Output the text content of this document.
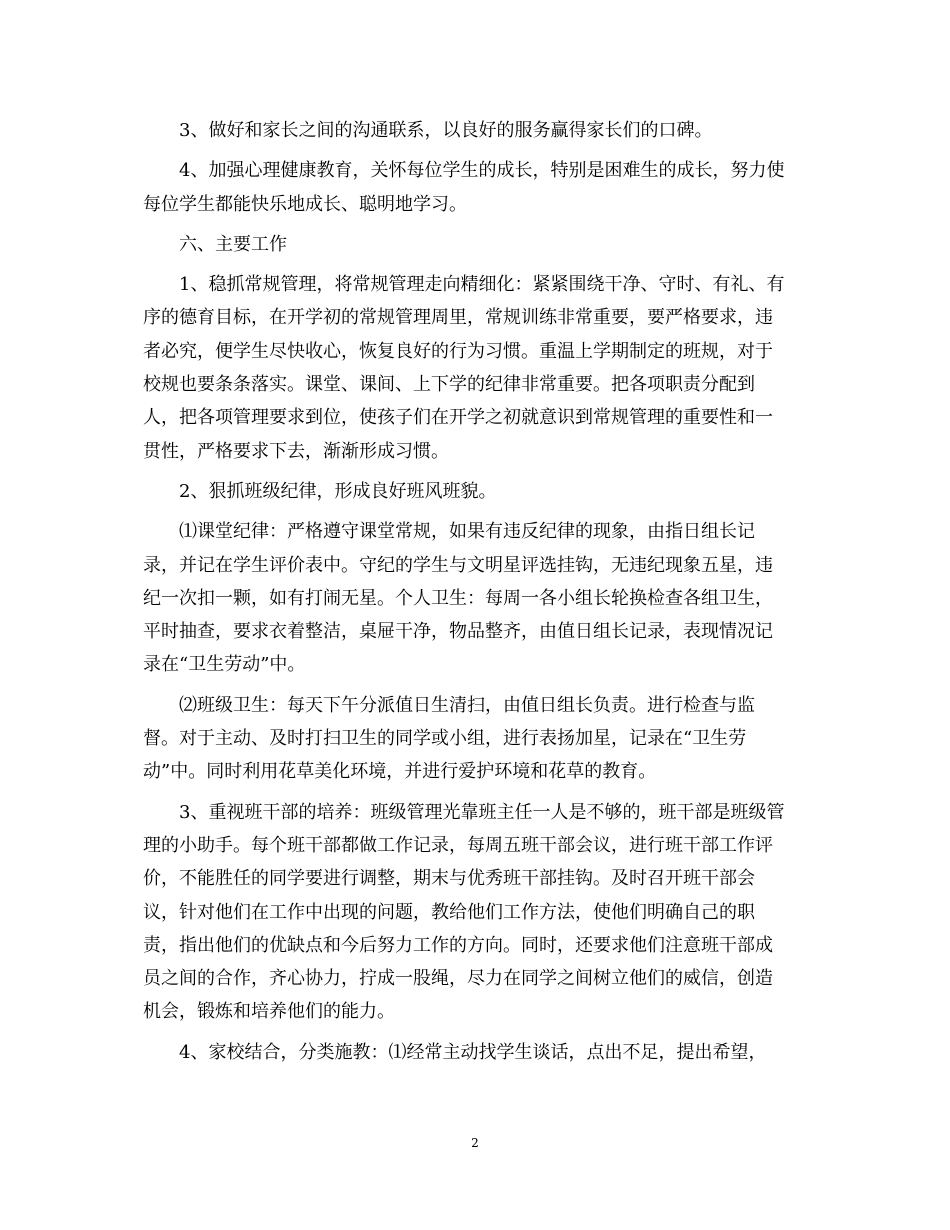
3、做好和家长之间的沟通联系，以良好的服务赢得家长们的口碑。

4、加强心理健康教育，关怀每位学生的成长，特别是困难生的成长，努力使
每位学生都能快乐地成长、聪明地学习。

六、主要工作

1、稳抓常规管理，将常规管理走向精细化：紧紧围绕干净、守时、有礼、有
序的德育目标，在开学初的常规管理周里，常规训练非常重要，要严格要求，违
者必究，便学生尽快收心，恢复良好的行为习惯。重温上学期制定的班规，对于
校规也要条条落实。课堂、课间、上下学的纪律非常重要。把各项职责分配到
人，把各项管理要求到位，使孩子们在开学之初就意识到常规管理的重要性和一
贯性，严格要求下去，渐渐形成习惯。

2、狠抓班级纪律，形成良好班风班貌。

⑴课堂纪律：严格遵守课堂常规，如果有违反纪律的现象，由指日组长记
录，并记在学生评价表中。守纪的学生与文明星评选挂钩，无违纪现象五星，违
纪一次扣一颗，如有打闹无星。个人卫生：每周一各小组长轮换检查各组卫生，
平时抽查，要求衣着整洁，桌屉干净，物品整齐，由值日组长记录，表现情况记
录在“卫生劳动”中。

⑵班级卫生：每天下午分派值日生清扫，由值日组长负责。进行检查与监
督。对于主动、及时打扫卫生的同学或小组，进行表扬加星，记录在“卫生劳
动”中。同时利用花草美化环境，并进行爱护环境和花草的教育。

3、重视班干部的培养：班级管理光靠班主任一人是不够的，班干部是班级管
理的小助手。每个班干部都做工作记录，每周五班干部会议，进行班干部工作评
价，不能胜任的同学要进行调整，期末与优秀班干部挂钩。及时召开班干部会
议，针对他们在工作中出现的问题，教给他们工作方法，使他们明确自己的职
责，指出他们的优缺点和今后努力工作的方向。同时，还要求他们注意班干部成
员之间的合作，齐心协力，拧成一股绳，尽力在同学之间树立他们的威信，创造
机会，锻炼和培养他们的能力。

4、家校结合，分类施教：⑴经常主动找学生谈话，点出不足，提出希望，

2
